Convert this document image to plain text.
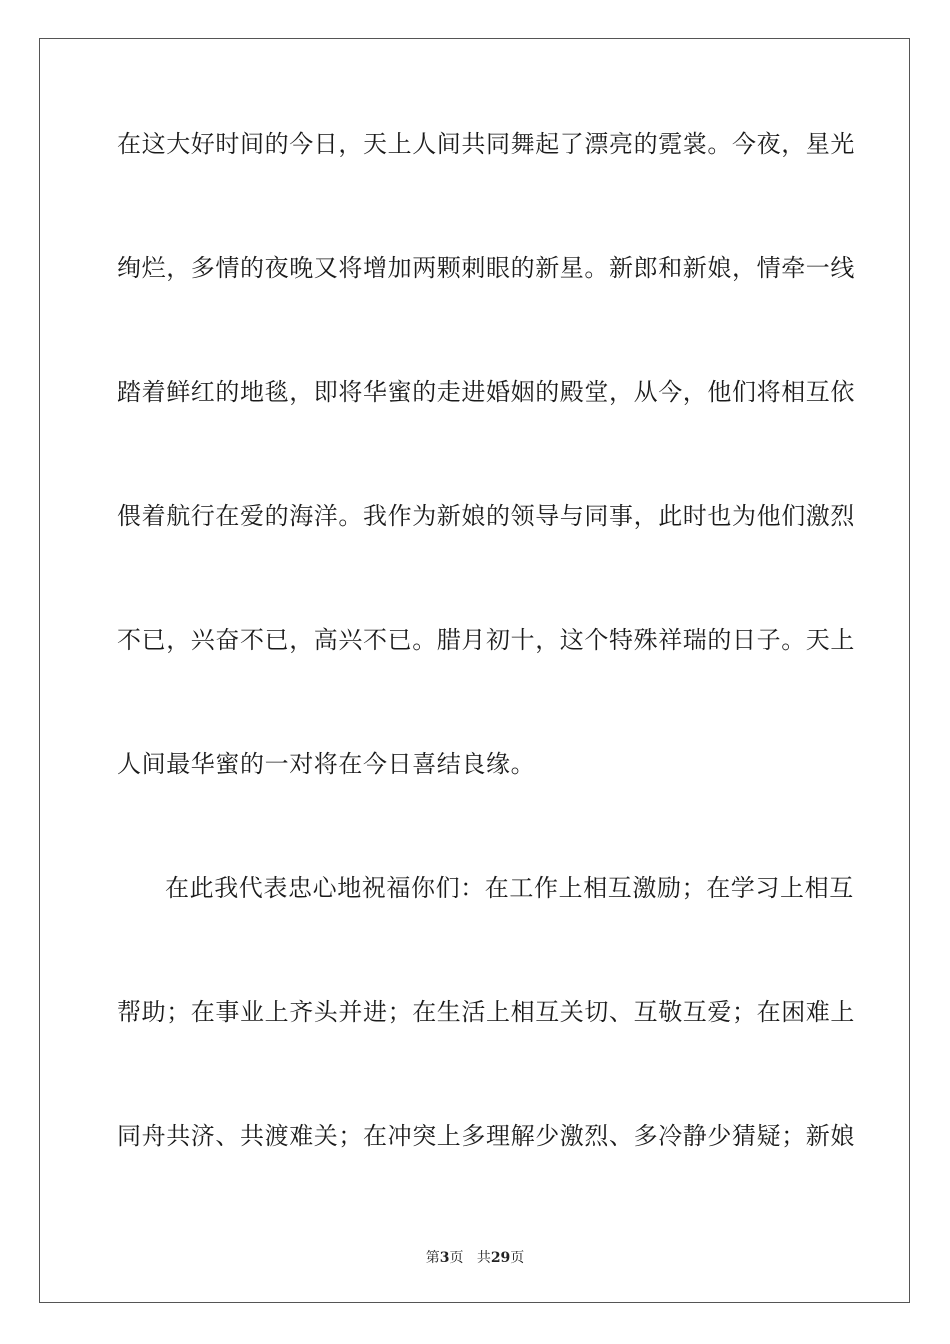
在这大好时间的今日，天上人间共同舞起了漂亮的霓裳。今夜，星光
绚烂，多情的夜晚又将增加两颗刺眼的新星。新郎和新娘，情牵一线
踏着鲜红的地毯，即将华蜜的走进婚姻的殿堂，从今，他们将相互依
偎着航行在爱的海洋。我作为新娘的领导与同事，此时也为他们激烈
不已，兴奋不已，高兴不已。腊月初十，这个特殊祥瑞的日子。天上
人间最华蜜的一对将在今日喜结良缘。
在此我代表忠心地祝福你们：在工作上相互激励；在学习上相互
帮助；在事业上齐头并进；在生活上相互关切、互敬互爱；在困难上
同舟共济、共渡难关；在冲突上多理解少激烈、多冷静少猜疑；新娘
第3页 共29页
